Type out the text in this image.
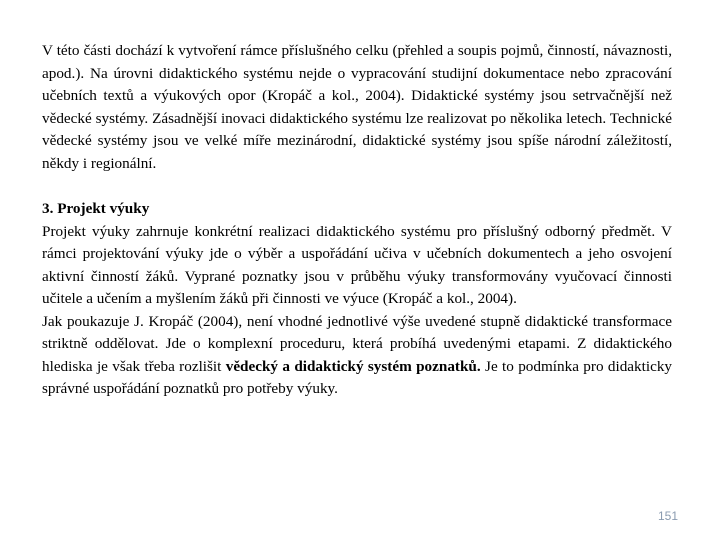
V této části dochází k vytvoření rámce příslušného celku (přehled a soupis pojmů, činností, návaznosti, apod.). Na úrovni didaktického systému nejde o vypracování studijní dokumentace nebo zpracování učebních textů a výukových opor (Kropáč a kol., 2004). Didaktické systémy jsou setrvačnější než vědecké systémy. Zásadnější inovaci didaktického systému lze realizovat po několika letech. Technické vědecké systémy jsou ve velké míře mezinárodní, didaktické systémy jsou spíše národní záležitostí, někdy i regionální.

3. Projekt výuky

Projekt výuky zahrnuje konkrétní realizaci didaktického systému pro příslušný odborný předmět. V rámci projektování výuky jde o výběr a uspořádání učiva v učebních dokumentech a jeho osvojení aktivní činností žáků. Vyprané poznatky jsou v průběhu výuky transformovány vyučovací činnosti učitele a učením a myšlením žáků při činnosti ve výuce (Kropáč a kol., 2004).

Jak poukazuje J. Kropáč (2004), není vhodné jednotlivé výše uvedené stupně didaktické transformace striktně oddělovat. Jde o komplexní proceduru, která probíhá uvedenými etapami. Z didaktického hlediska je však třeba rozlišit vědecký a didaktický systém poznatků. Je to podmínka pro didakticky správné uspořádání poznatků pro potřeby výuky.

151
